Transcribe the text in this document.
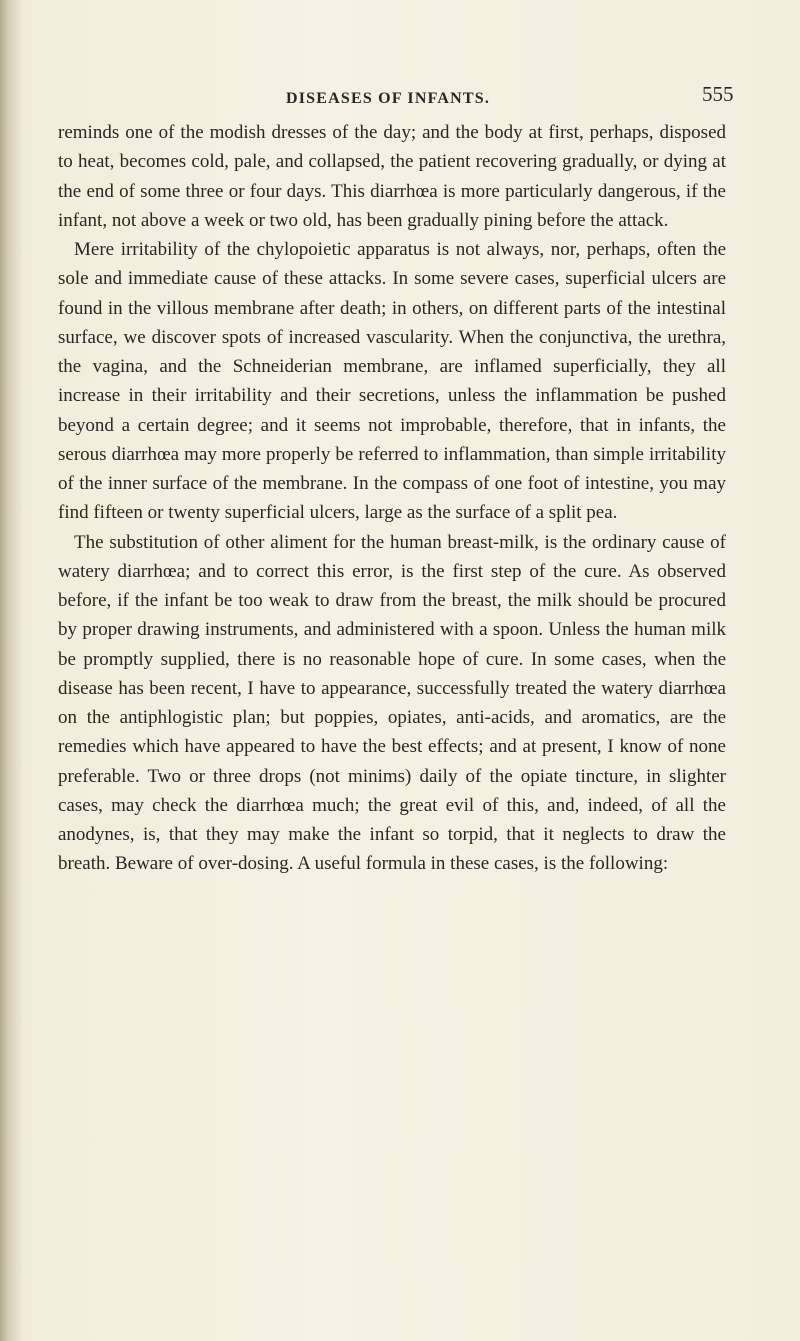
DISEASES OF INFANTS.	555

reminds one of the modish dresses of the day; and the body at first, perhaps, disposed to heat, becomes cold, pale, and collapsed, the patient recovering gradually, or dying at the end of some three or four days. This diarrhœa is more particularly dangerous, if the infant, not above a week or two old, has been gradually pining before the attack.

Mere irritability of the chylopoietic apparatus is not always, nor, perhaps, often the sole and immediate cause of these attacks. In some severe cases, superficial ulcers are found in the villous membrane after death; in others, on different parts of the intestinal surface, we discover spots of increased vascularity. When the conjunctiva, the urethra, the vagina, and the Schneiderian membrane, are inflamed superficially, they all increase in their irritability and their secretions, unless the inflammation be pushed beyond a certain degree; and it seems not improbable, therefore, that in infants, the serous diarrhœa may more properly be referred to inflammation, than simple irritability of the inner surface of the membrane. In the compass of one foot of intestine, you may find fifteen or twenty superficial ulcers, large as the surface of a split pea.

The substitution of other aliment for the human breast-milk, is the ordinary cause of watery diarrhœa; and to correct this error, is the first step of the cure. As observed before, if the infant be too weak to draw from the breast, the milk should be procured by proper drawing instruments, and administered with a spoon. Unless the human milk be promptly supplied, there is no reasonable hope of cure. In some cases, when the disease has been recent, I have to appearance, successfully treated the watery diarrhœa on the antiphlogistic plan; but poppies, opiates, anti-acids, and aromatics, are the remedies which have appeared to have the best effects; and at present, I know of none preferable. Two or three drops (not minims) daily of the opiate tincture, in slighter cases, may check the diarrhœa much; the great evil of this, and, indeed, of all the anodynes, is, that they may make the infant so torpid, that it neglects to draw the breath. Beware of over-dosing. A useful formula in these cases, is the following:
